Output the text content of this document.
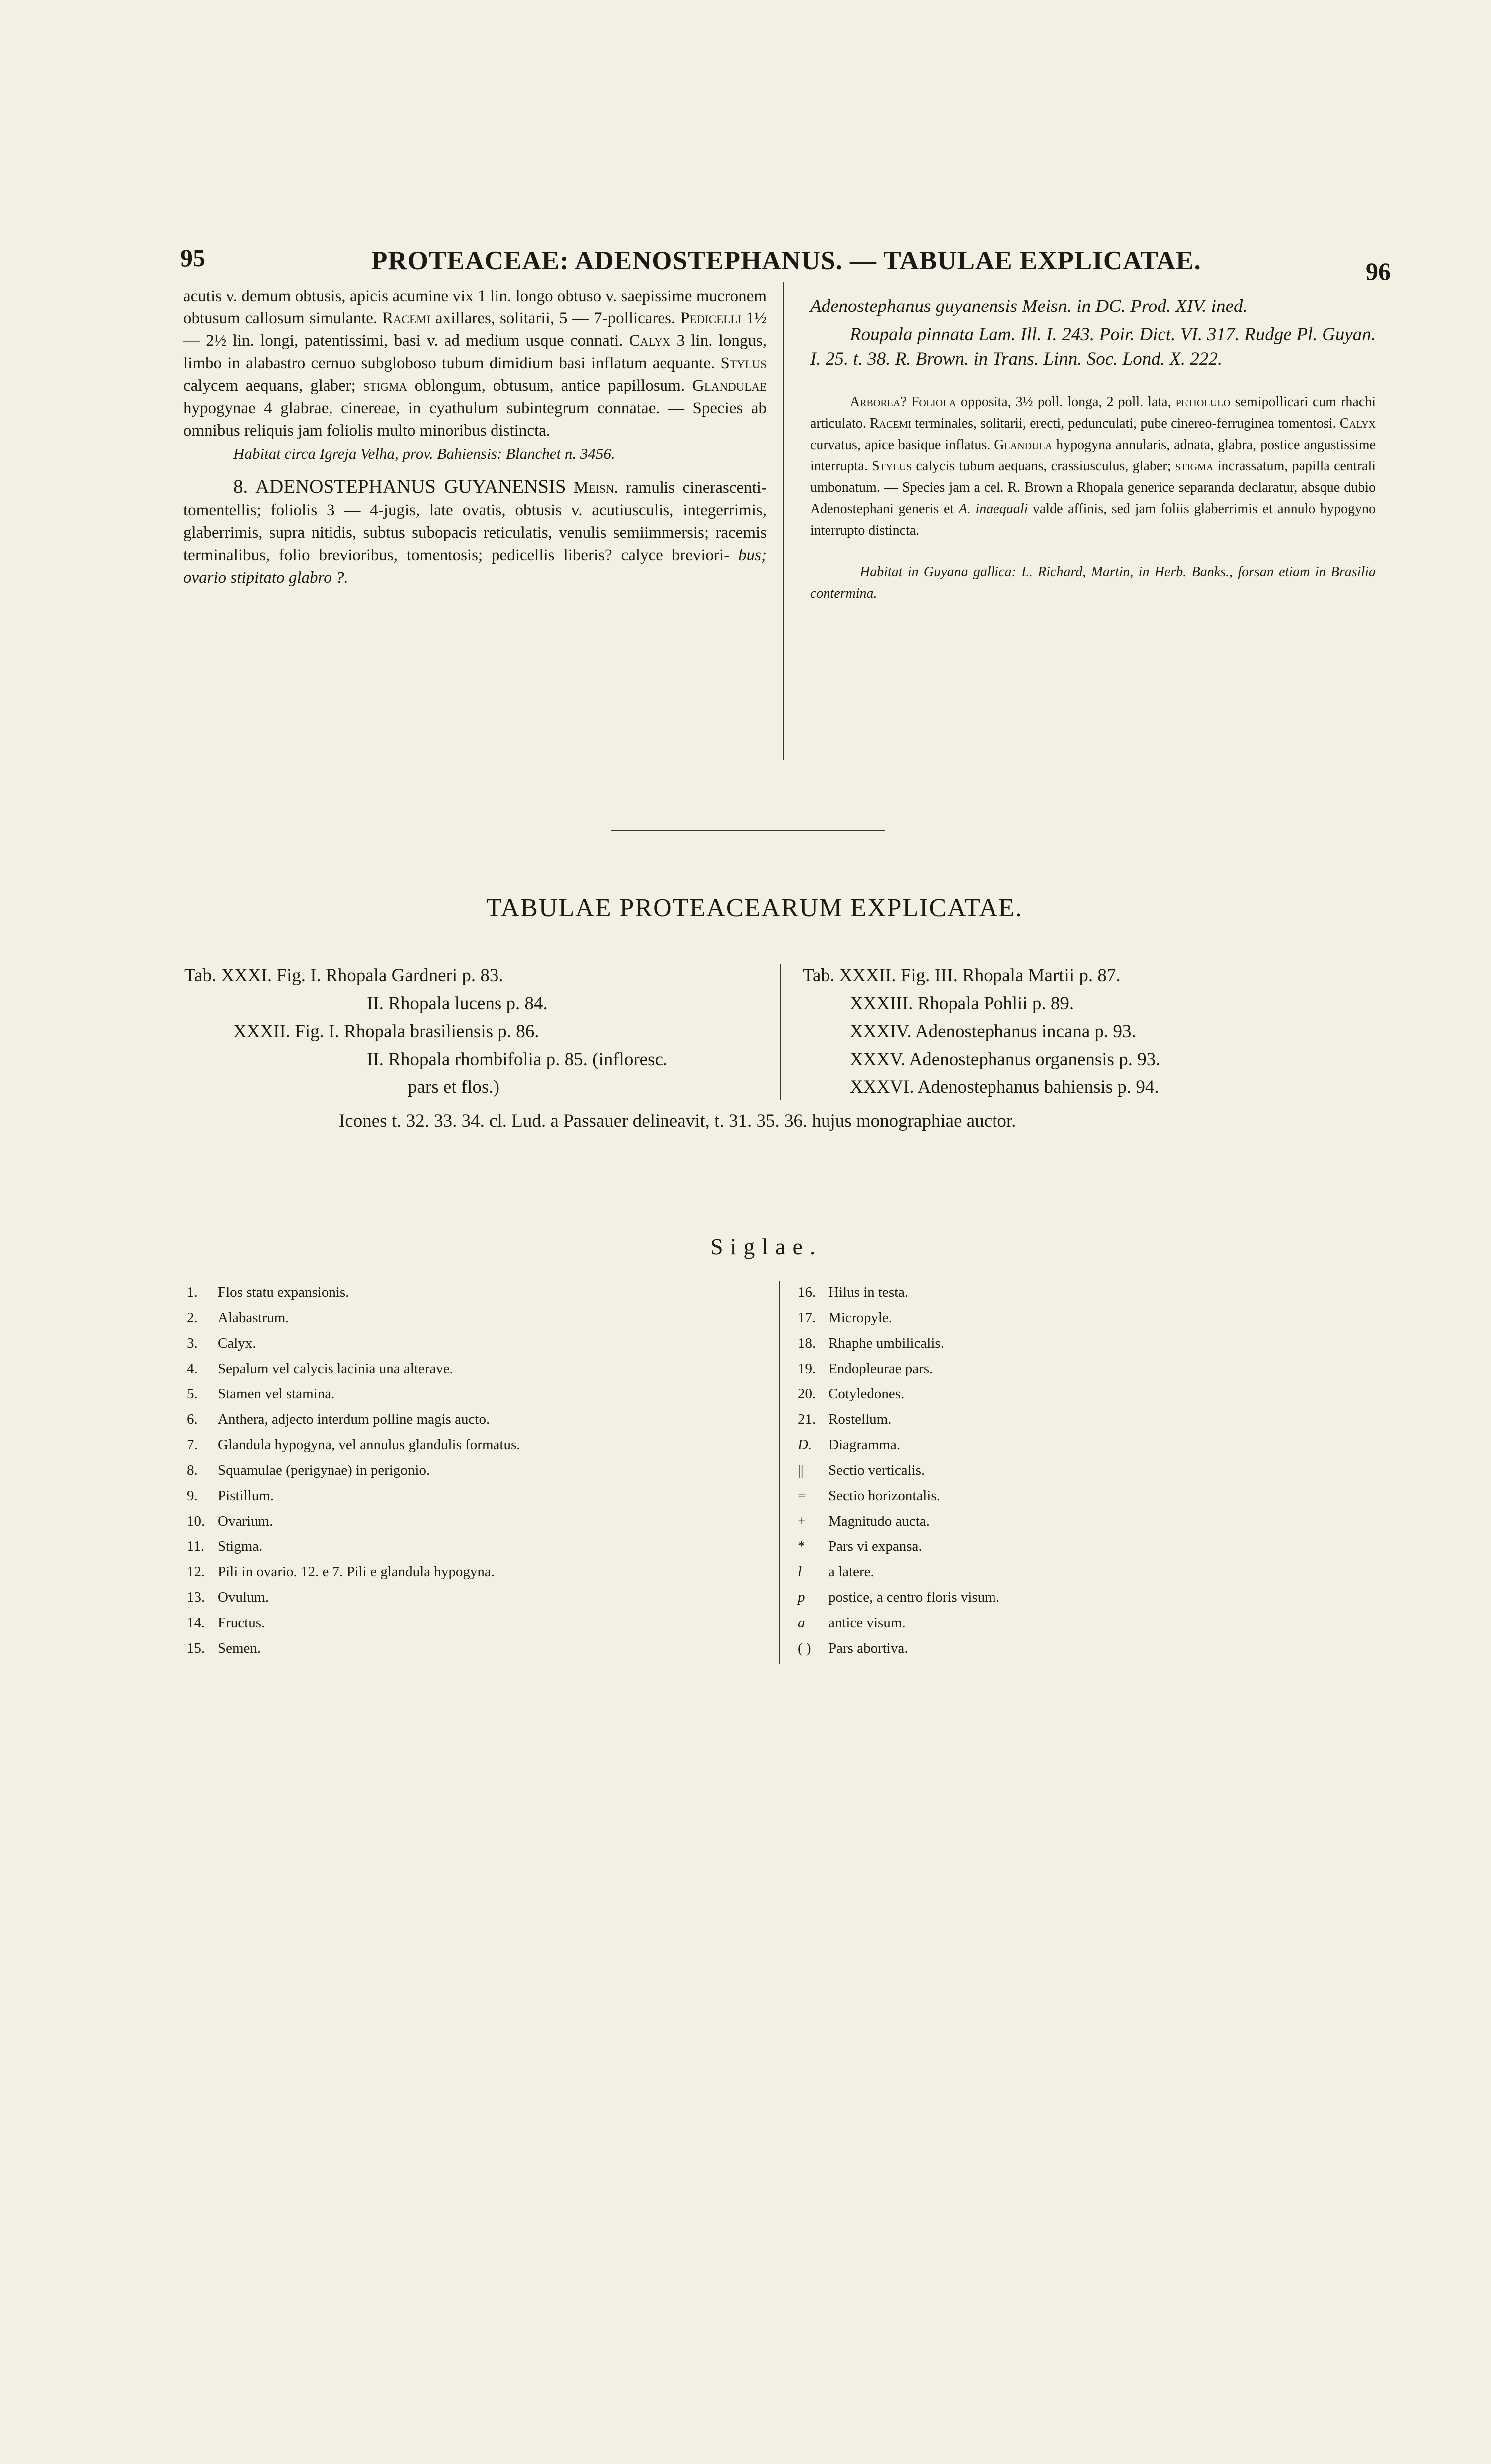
95	PROTEACEAE: ADENOSTEPHANUS. — TABULAE EXPLICATAE.	96

acutis v. demum obtusis, apicis acumine vix 1 lin. longo obtuso v. saepissime mucronem obtusum callosum simulante. Racemi axillares, solitarii, 5 — 7-pollicares. Pedicelli 1½ — 2½ lin. longi, patentissimi, basi v. ad medium usque connati. Calyx 3 lin. longus, limbo in alabastro cernuo subgloboso tubum dimidium basi inflatum aequante. Stylus calycem aequans, glaber; stigma oblongum, obtusum, antice papillosum. Glandulae hypogynae 4 glabrae, cinereae, in cyathulum subintegrum connatae. — Species ab omnibus reliquis jam foliolis multo minoribus distincta.

Habitat circa Igreja Velha, prov. Bahiensis: Blanchet n. 3456.

8. ADENOSTEPHANUS GUYANENSIS Meisn. ramulis cinerascenti-tomentellis; foliolis 3 — 4-jugis, late ovatis, obtusis v. acutiusculis, integerrimis, glaberrimis, supra nitidis, subtus subopacis reticulatis, venulis semiimmersis; racemis terminalibus, folio brevioribus, tomentosis; pedicellis liberis? calyce breviori- bus; ovario stipitato glabro ?.

Adenostephanus guyanensis Meisn. in DC. Prod. XIV. ined.

Roupala pinnata Lam. Ill. I. 243. Poir. Dict. VI. 317. Rudge Pl. Guyan. I. 25. t. 38. R. Brown. in Trans. Linn. Soc. Lond. X. 222.

Arborea? Foliola opposita, 3½ poll. longa, 2 poll. lata, petiolulo semipollicari cum rhachi articulato. Racemi terminales, solitarii, erecti, pedunculati, pube cinereo-ferruginea tomentosi. Calyx curvatus, apice basique inflatus. Glandula hypogyna annularis, adnata, glabra, postice angustissime interrupta. Stylus calycis tubum aequans, crassiusculus, glaber; stigma incrassatum, papilla centrali umbonatum. — Species jam a cel. R. Brown a Rhopala generice separanda declaratur, absque dubio Adenostephani generis et A. inaequali valde affinis, sed jam foliis glaberrimis et annulo hypogyno interrupto distincta.

Habitat in Guyana gallica: L. Richard, Martin, in Herb. Banks., forsan etiam in Brasilia contermina.

TABULAE PROTEACEARUM EXPLICATAE.
Tab. XXXI. Fig. I. Rhopala Gardneri p. 83.
II. Rhopala lucens p. 84.
XXXII. Fig. I. Rhopala brasiliensis p. 86.
II. Rhopala rhombifolia p. 85. (infloresc.
pars et flos.)
Tab. XXXII. Fig. III. Rhopala Martii p. 87.
XXXIII. Rhopala Pohlii p. 89.
XXXIV. Adenostephanus incana p. 93.
XXXV. Adenostephanus organensis p. 93.
XXXVI. Adenostephanus bahiensis p. 94.
Icones t. 32. 33. 34. cl. Lud. a Passauer delineavit, t. 31. 35. 36. hujus monographiae auctor.
Siglae.
1. Flos statu expansionis.
2. Alabastrum.
3. Calyx.
4. Sepalum vel calycis lacinia una alterave.
5. Stamen vel stamina.
6. Anthera, adjecto interdum polline magis aucto.
7. Glandula hypogyna, vel annulus glandulis formatus.
8. Squamulae (perigynae) in perigonio.
9. Pistillum.
10. Ovarium.
11. Stigma.
12. Pili in ovario. 12. e 7. Pili e glandula hypogyna.
13. Ovulum.
14. Fructus.
15. Semen.
16. Hilus in testa.
17. Micropyle.
18. Rhaphe umbilicalis.
19. Endopleurae pars.
20. Cotyledones.
21. Rostellum.
D. Diagramma.
|| Sectio verticalis.
= Sectio horizontalis.
+ Magnitudo aucta.
* Pars vi expansa.
l a latere.
p postice, a centro floris visum.
a antice visum.
( ) Pars abortiva.
